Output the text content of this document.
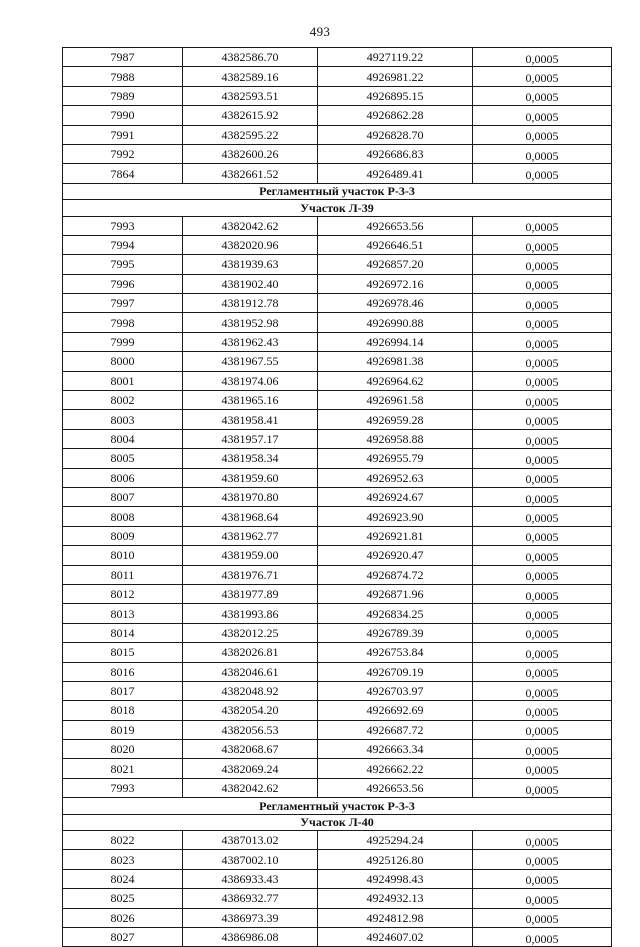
493
7987	4382586.70	4927119.22	0,0005
7988	4382589.16	4926981.22	0,0005
7989	4382593.51	4926895.15	0,0005
7990	4382615.92	4926862.28	0,0005
7991	4382595.22	4926828.70	0,0005
7992	4382600.26	4926686.83	0,0005
7864	4382661.52	4926489.41	0,0005
Регламентный участок Р-3-3			
Участок Л-39			
7993	4382042.62	4926653.56	0,0005
7994	4382020.96	4926646.51	0,0005
7995	4381939.63	4926857.20	0,0005
7996	4381902.40	4926972.16	0,0005
7997	4381912.78	4926978.46	0,0005
7998	4381952.98	4926990.88	0,0005
7999	4381962.43	4926994.14	0,0005
8000	4381967.55	4926981.38	0,0005
8001	4381974.06	4926964.62	0,0005
8002	4381965.16	4926961.58	0,0005
8003	4381958.41	4926959.28	0,0005
8004	4381957.17	4926958.88	0,0005
8005	4381958.34	4926955.79	0,0005
8006	4381959.60	4926952.63	0,0005
8007	4381970.80	4926924.67	0,0005
8008	4381968.64	4926923.90	0,0005
8009	4381962.77	4926921.81	0,0005
8010	4381959.00	4926920.47	0,0005
8011	4381976.71	4926874.72	0,0005
8012	4381977.89	4926871.96	0,0005
8013	4381993.86	4926834.25	0,0005
8014	4382012.25	4926789.39	0,0005
8015	4382026.81	4926753.84	0,0005
8016	4382046.61	4926709.19	0,0005
8017	4382048.92	4926703.97	0,0005
8018	4382054.20	4926692.69	0,0005
8019	4382056.53	4926687.72	0,0005
8020	4382068.67	4926663.34	0,0005
8021	4382069.24	4926662.22	0,0005
7993	4382042.62	4926653.56	0,0005
Регламентный участок Р-3-3			
Участок Л-40			
8022	4387013.02	4925294.24	0,0005
8023	4387002.10	4925126.80	0,0005
8024	4386933.43	4924998.43	0,0005
8025	4386932.77	4924932.13	0,0005
8026	4386973.39	4924812.98	0,0005
8027	4386986.08	4924607.02	0,0005
